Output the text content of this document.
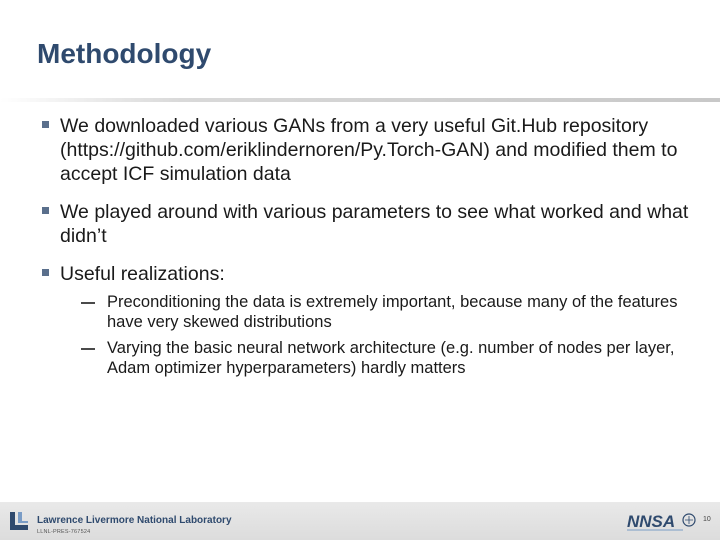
Methodology
We downloaded various GANs from a very useful Git.Hub repository (https://github.com/eriklindernoren/Py.Torch-GAN) and modified them to accept ICF simulation data
We played around with various parameters to see what worked and what didn’t
Useful realizations:
Preconditioning the data is extremely important, because many of the features have very skewed distributions
Varying the basic neural network architecture (e.g. number of nodes per layer, Adam optimizer hyperparameters) hardly matters
Lawrence Livermore National Laboratory
LLNL-PRES-767524
NNSA	10
